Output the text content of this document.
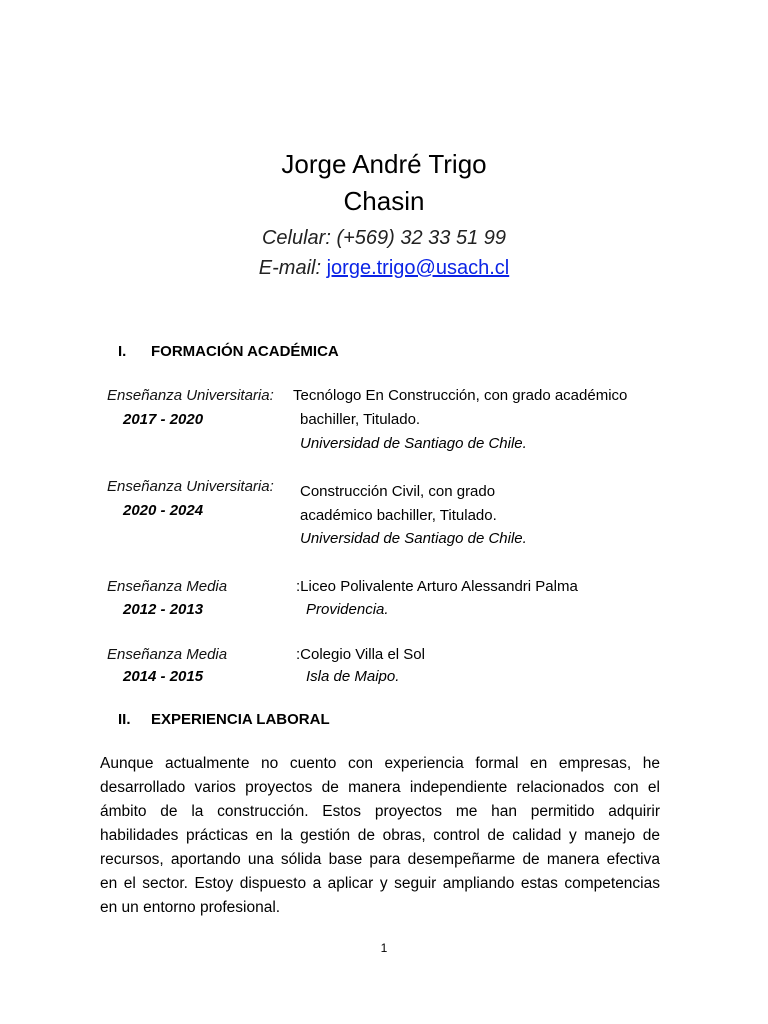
Jorge André Trigo
Chasin
Celular: (+569) 32 33 51 99
E-mail: jorge.trigo@usach.cl
I. FORMACIÓN ACADÉMICA
Enseñanza Universitaria:
2017 - 2020
Tecnólogo En Construcción, con grado académico
bachiller, Titulado.
Universidad de Santiago de Chile.
Enseñanza Universitaria:
2020 - 2024
Construcción Civil, con grado
académico bachiller, Titulado.
Universidad de Santiago de Chile.
Enseñanza Media
2012 - 2013
:Liceo Polivalente Arturo Alessandri Palma
Providencia.
Enseñanza Media
2014 - 2015
:Colegio Villa el Sol
Isla de Maipo.
II. EXPERIENCIA LABORAL
Aunque actualmente no cuento con experiencia formal en empresas, he
desarrollado varios proyectos de manera independiente relacionados con el
ámbito de la construcción. Estos proyectos me han permitido adquirir
habilidades prácticas en la gestión de obras, control de calidad y manejo de
recursos, aportando una sólida base para desempeñarme de manera efectiva
en el sector. Estoy dispuesto a aplicar y seguir ampliando estas competencias
en un entorno profesional.
1
